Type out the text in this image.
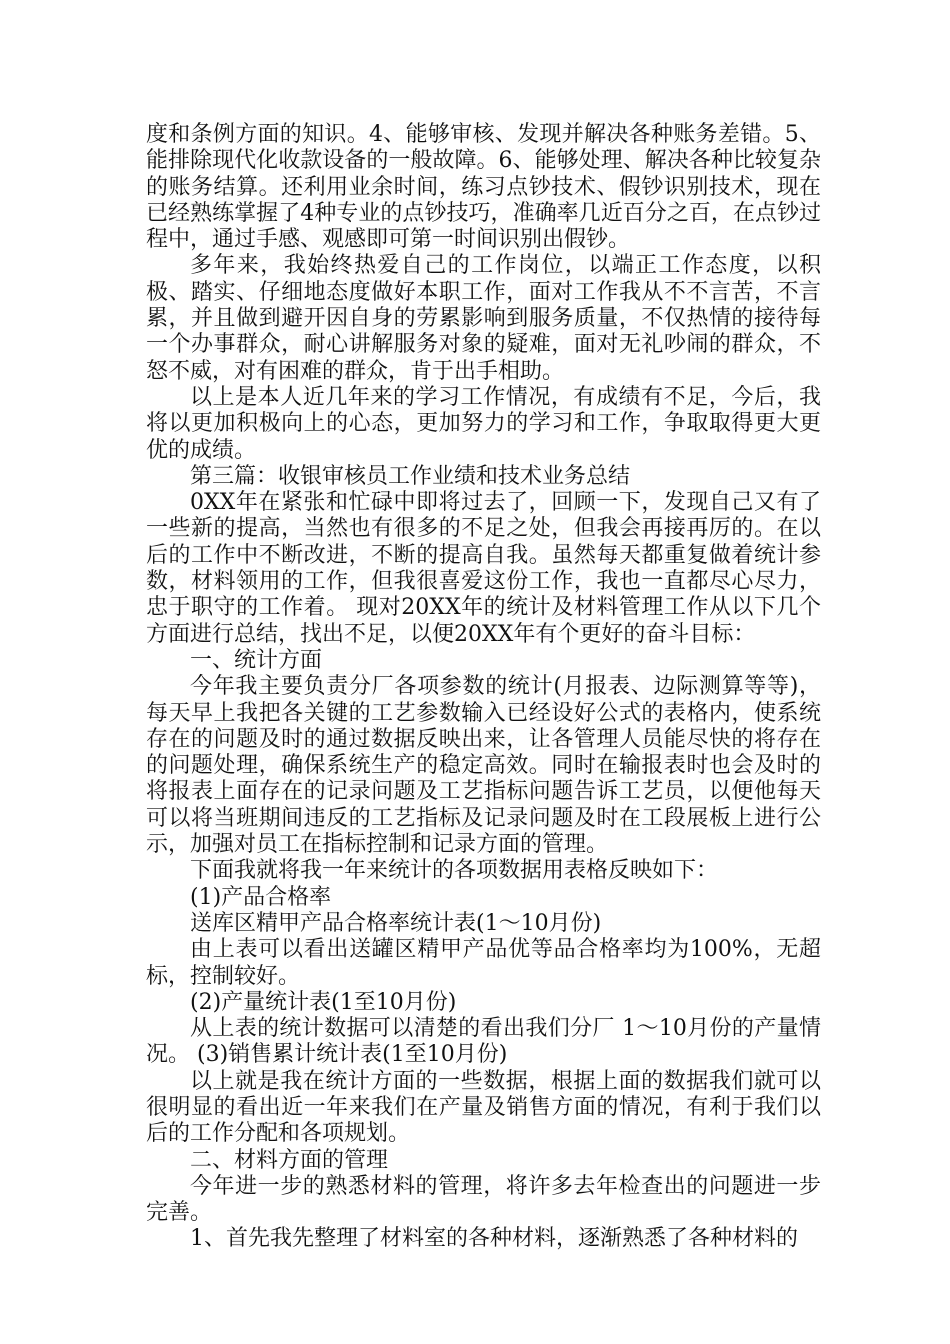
度和条例方面的知识。4、能够审核、发现并解决各种账务差错。5、能排除现代化收款设备的一般故障。6、能够处理、解决各种比较复杂的账务结算。还利用业余时间，练习点钞技术、假钞识别技术，现在已经熟练掌握了4种专业的点钞技巧，准确率几近百分之百，在点钞过程中，通过手感、观感即可第一时间识别出假钞。

多年来，我始终热爱自己的工作岗位，以端正工作态度，以积极、踏实、仔细地态度做好本职工作，面对工作我从不不言苦，不言累，并且做到避开因自身的劳累影响到服务质量，不仅热情的接待每一个办事群众，耐心讲解服务对象的疑难，面对无礼吵闹的群众，不怒不威，对有困难的群众，肯于出手相助。

以上是本人近几年来的学习工作情况，有成绩有不足，今后，我将以更加积极向上的心态，更加努力的学习和工作，争取取得更大更优的成绩。

第三篇：收银审核员工作业绩和技术业务总结

0XX年在紧张和忙碌中即将过去了，回顾一下，发现自己又有了一些新的提高，当然也有很多的不足之处，但我会再接再厉的。在以后的工作中不断改进，不断的提高自我。虽然每天都重复做着统计参数，材料领用的工作，但我很喜爱这份工作，我也一直都尽心尽力，忠于职守的工作着。 现对20XX年的统计及材料管理工作从以下几个方面进行总结，找出不足，以便20XX年有个更好的奋斗目标：

一、统计方面

今年我主要负责分厂各项参数的统计(月报表、边际测算等等)，每天早上我把各关键的工艺参数输入已经设好公式的表格内，使系统存在的问题及时的通过数据反映出来，让各管理人员能尽快的将存在的问题处理，确保系统生产的稳定高效。同时在输报表时也会及时的将报表上面存在的记录问题及工艺指标问题告诉工艺员，以便他每天可以将当班期间违反的工艺指标及记录问题及时在工段展板上进行公示，加强对员工在指标控制和记录方面的管理。

下面我就将我一年来统计的各项数据用表格反映如下：

(1)产品合格率

送库区精甲产品合格率统计表(1～10月份)

由上表可以看出送罐区精甲产品优等品合格率均为100%，无超标，控制较好。

(2)产量统计表(1至10月份)

从上表的统计数据可以清楚的看出我们分厂 1～10月份的产量情况。 (3)销售累计统计表(1至10月份)

以上就是我在统计方面的一些数据，根据上面的数据我们就可以很明显的看出近一年来我们在产量及销售方面的情况，有利于我们以后的工作分配和各项规划。

二、材料方面的管理

今年进一步的熟悉材料的管理，将许多去年检查出的问题进一步完善。

1、首先我先整理了材料室的各种材料，逐渐熟悉了各种材料的
